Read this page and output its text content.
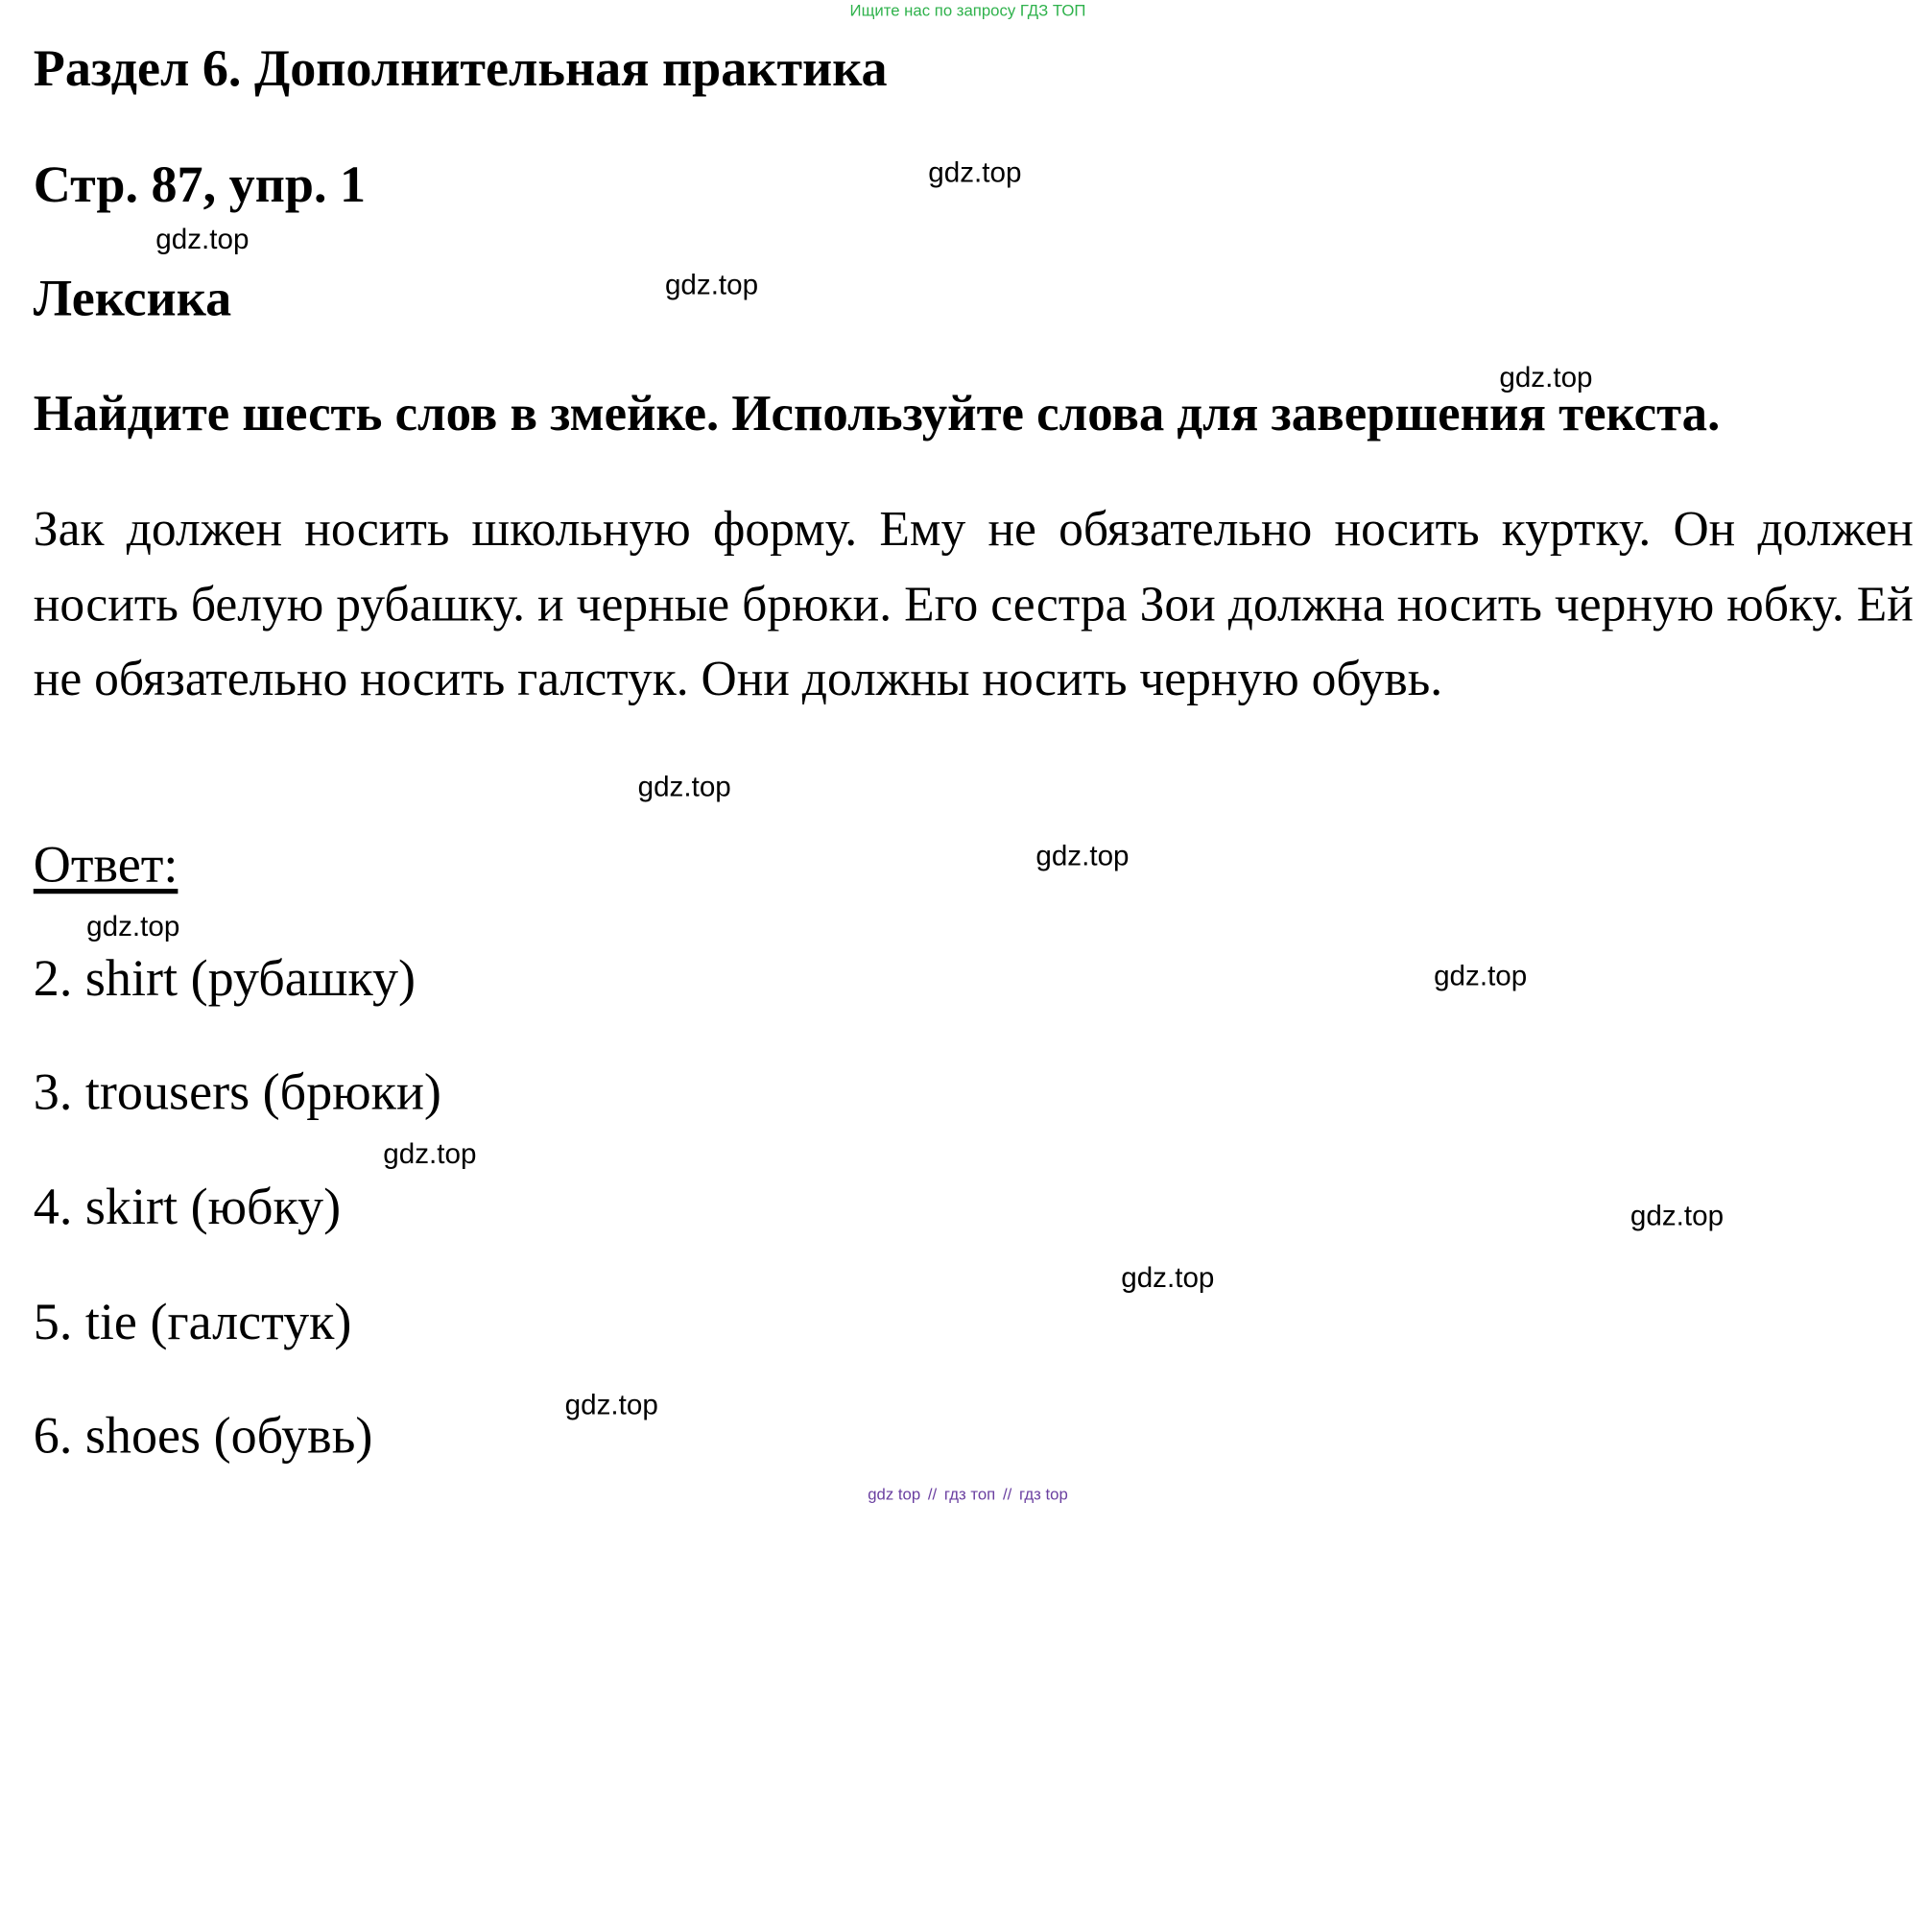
Ищите нас по запросу ГДЗ ТОП
Раздел 6. Дополнительная практика
Стр. 87, упр. 1
Лексика
Найдите шесть слов в змейке. Используйте слова для завершения текста.

Зак должен носить школьную форму. Ему не обязательно носить куртку. Он должен носить белую рубашку. и черные брюки. Его сестра Зои должна носить черную юбку. Ей не обязательно носить галстук. Они должны носить черную обувь.

Ответ:
2. shirt (рубашку)
3. trousers (брюки)
4. skirt (юбку)
5. tie (галстук)
6. shoes (обувь)
gdz.top
gdz.top
gdz.top
gdz.top
gdz.top
gdz.top
gdz.top
gdz.top
gdz.top
gdz.top
gdz.top
gdz.top
gdz top // гдз топ // гдз top
